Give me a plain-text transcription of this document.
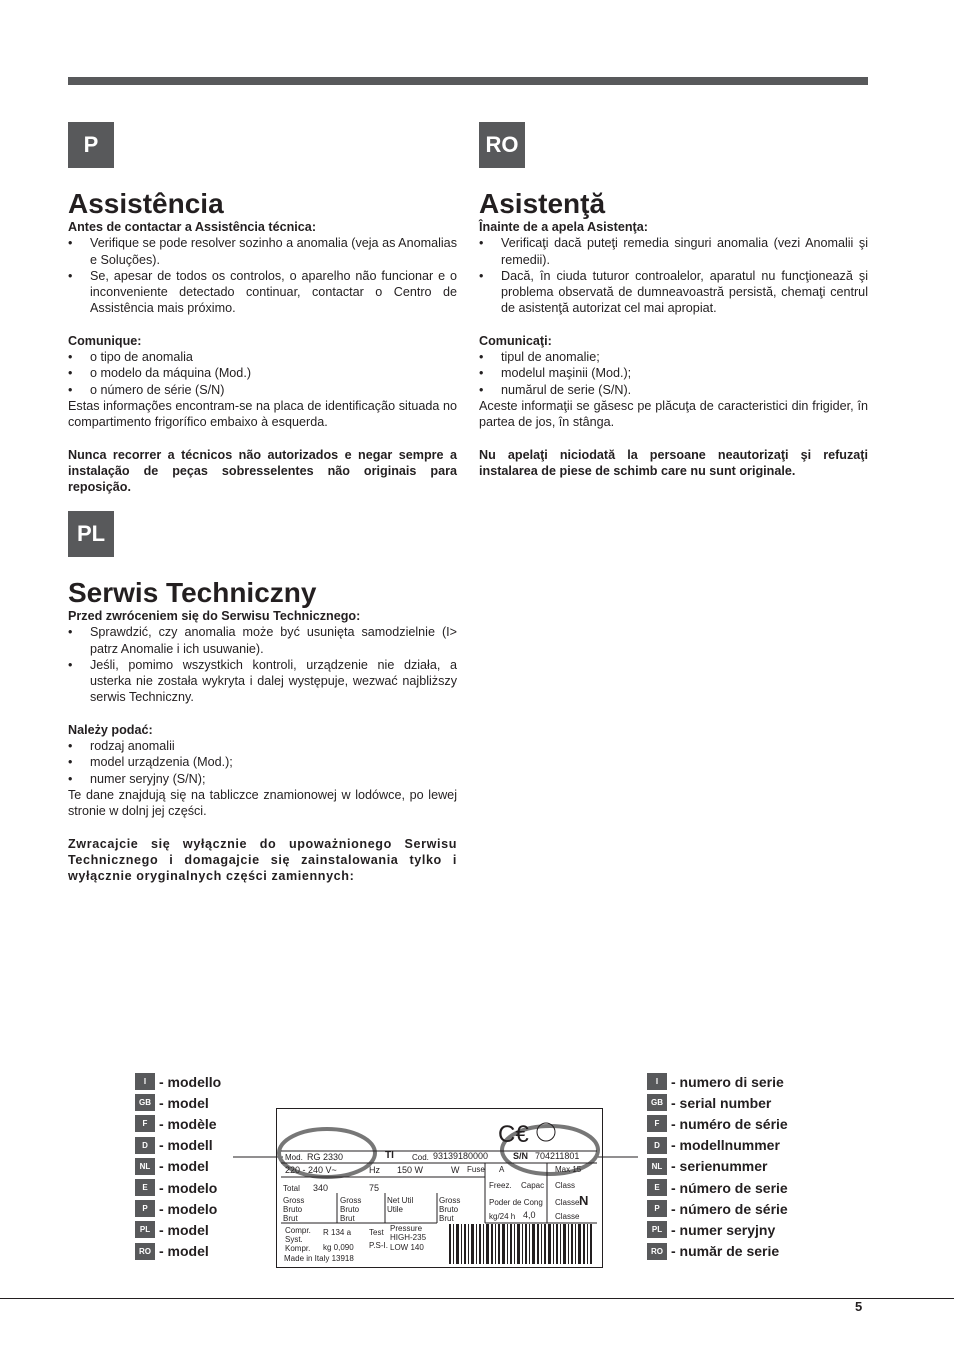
P
Assistência
Antes de contactar a Assistência técnica:
• Verifique se pode resolver sozinho a anomalia (veja as Anomalias e Soluções).
• Se, apesar de todos os controlos, o aparelho não funcionar e o inconveniente detectado continuar, contactar o Centro de Assistência mais próximo.
Comunique:
• o tipo de anomalia
• o modelo da máquina (Mod.)
• o número de série (S/N)

Estas informações encontram-se na placa de identificação situada no compartimento frigorífico embaixo à esquerda.

Nunca recorrer a técnicos não autorizados e negar sempre a instalação de peças sobresselentes não originais para reposição.

RO
Asistenţă
Înainte de a apela Asistenţa:
• Verificaţi dacă puteţi remedia singuri anomalia (vezi Anomalii şi remedii).
• Dacă, în ciuda tuturor controalelor, aparatul nu funcţionează şi problema observată de dumneavoastră persistă, chemaţi centrul de asistenţă autorizat cel mai apropiat.
Comunicaţi:
• tipul de anomalie;
• modelul maşinii (Mod.);
• numărul de serie (S/N).

Aceste informaţii se găsesc pe plăcuţa de caracteristici din frigider, în partea de jos, în stânga.

Nu apelaţi niciodată la persoane neautorizaţi şi refuzaţi instalarea de piese de schimb care nu sunt originale.

PL
Serwis Techniczny
Przed zwróceniem się do Serwisu Technicznego:
• Sprawdzić, czy anomalia może być usunięta samodzielnie (I> patrz Anomalie i ich usuwanie).
• Jeśli, pomimo wszystkich kontroli, urządzenie nie działa, a usterka nie została wykryta i dalej występuje, wezwać najbliższy serwis Techniczny.
Należy podać:
• rodzaj anomalii
• model urządzenia (Mod.);
• numer seryjny (S/N);

Te dane znajdują się na tabliczce znamionowej w lodówce, po lewej stronie w dolnj jej części.

Zwracajcie się wyłącznie do upoważnionego Serwisu Technicznego i domagajcie się zainstalowania tylko i wyłącznie oryginalnych części zamiennych:

I - modello
GB - model
F - modèle
D - modell
NL - model
E - modelo
P - modelo
PL - model
RO - model
I - numero di serie
GB - serial number
F - numéro de série
D - modellnummer
NL - serienummer
E - número de serie
P - número de série
PL - numer seryjny
RO - număr de serie
C€
Mod. RG 2330	TI Cod. 93139180000	S/N 704211801
220 - 240 V~	Hz 150 W	W Fuse A	Max 15
Total 340	75	Freez. Capac Class
Gross Bruto Brut
Gross Bruto Brut
Net Util Utile
Gross Bruto Brut
Poder de Cong
kg/24 h 4,0
Classe N
Classe
Compr. Syst. Kompr.
R 134 a
kg 0,090
Test
P.S-I.
Pressure HIGH-235
LOW 140
Made in Italy 13918
5
